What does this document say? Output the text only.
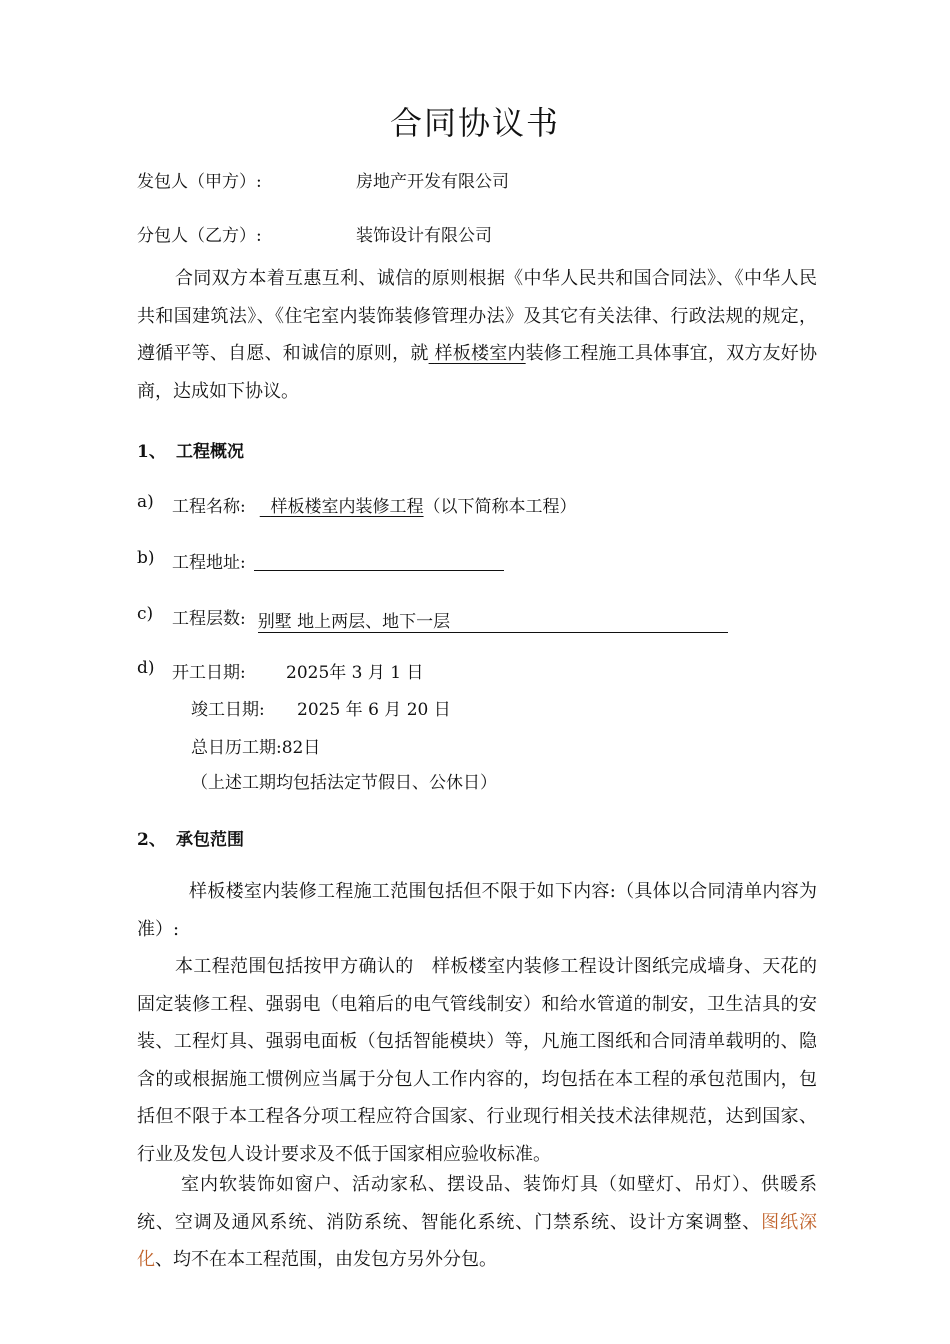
合同协议书
发包人（甲方）:	房地产开发有限公司
分包人（乙方）:	装饰设计有限公司
合同双方本着互惠互利、诚信的原则根据《中华人民共和国合同法》、《中华人民共和国建筑法》、《住宅室内装饰装修管理办法》及其它有关法律、行政法规的规定，遵循平等、自愿、和诚信的原则，就 样板楼室内装修工程施工具体事宜，双方友好协商，达成如下协议。
1、 工程概况
a) 工程名称: 样板楼室内装修工程（以下简称本工程）
b) 工程地址:
c) 工程层数: 别墅 地上两层、地下一层
d) 开工日期: 2025年 3 月 1 日
竣工日期: 2025 年 6 月 20 日
总日历工期:82日
（上述工期均包括法定节假日、公休日）
2、 承包范围
样板楼室内装修工程施工范围包括但不限于如下内容:（具体以合同清单内容为准）:
本工程范围包括按甲方确认的　样板楼室内装修工程设计图纸完成墙身、天花的固定装修工程、强弱电（电箱后的电气管线制安）和给水管道的制安，卫生洁具的安装、工程灯具、强弱电面板（包括智能模块）等，凡施工图纸和合同清单载明的、隐含的或根据施工惯例应当属于分包人工作内容的，均包括在本工程的承包范围内，包括但不限于本工程各分项工程应符合国家、行业现行相关技术法律规范，达到国家、行业及发包人设计要求及不低于国家相应验收标准。
室内软装饰如窗户、活动家私、摆设品、装饰灯具（如壁灯、吊灯）、供暖系统、空调及通风系统、消防系统、智能化系统、门禁系统、设计方案调整、图纸深化、均不在本工程范围，由发包方另外分包。
